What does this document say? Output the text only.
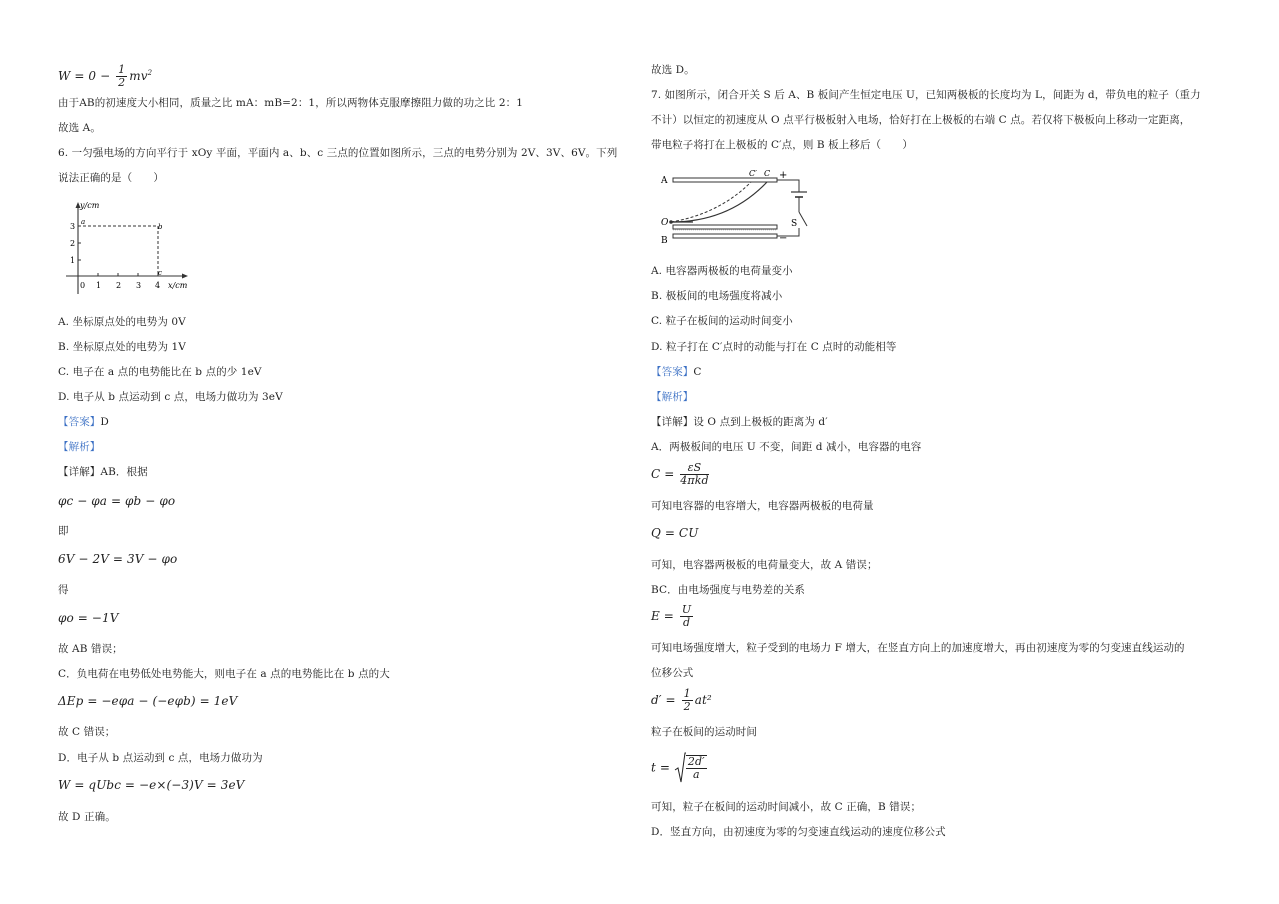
$W = 0 - \frac{1}{2} mv^2$
由于AB的初速度大小相同，质量之比 mA：mB=2：1，所以两物体克服摩擦阻力做的功之比 2：1
故选 A。
6. 一匀强电场的方向平行于 xOy 平面，平面内 a、b、c 三点的位置如图所示，三点的电势分别为 2V、3V、6V。下列
说法正确的是（　　）
y/cm
x/cm
3
2
1
0 1 2 3 4
a
b
c
A. 坐标原点处的电势为 0V
B. 坐标原点处的电势为 1V
C. 电子在 a 点的电势能比在 b 点的少 1eV
D. 电子从 b 点运动到 c 点，电场力做功为 3eV
【答案】D
【解析】
【详解】AB．根据
φc − φa = φb − φo
即
6V − 2V = 3V − φo
得
φo = −1V
故 AB 错误；
C．负电荷在电势低处电势能大，则电子在 a 点的电势能比在 b 点的大
ΔEp = −eφa − (−eφb) = 1eV
故 C 错误；
D．电子从 b 点运动到 c 点，电场力做功为
W = qUbc = −e×(−3)V = 3eV
故 D 正确。
故选 D。
7. 如图所示，闭合开关 S 后 A、B 板间产生恒定电压 U，已知两极板的长度均为 L，间距为 d，带负电的粒子（重力
不计）以恒定的初速度从 O 点平行极板射入电场，恰好打在上极板的右端 C 点。若仅将下极板向上移动一定距离，
带电粒子将打在上极板的 C′点，则 B 板上移后（　　）
A
B
O
C′ C +
−
S
A. 电容器两极板的电荷量变小
B. 极板间的电场强度将减小
C. 粒子在板间的运动时间变小
D. 粒子打在 C′点时的动能与打在 C 点时的动能相等
【答案】C
【解析】
【详解】设 O 点到上极板的距离为 d′
A．两极板间的电压 U 不变，间距 d 减小，电容器的电容
$C = \frac{\varepsilon S}{\text{4πkd}}$
可知电容器的电容增大，电容器两极板的电荷量
Q = CU
可知，电容器两极板的电荷量变大，故 A 错误；
BC．由电场强度与电势差的关系
$E = \frac{U}{d}$
可知电场强度增大，粒子受到的电场力 F 增大，在竖直方向上的加速度增大，再由初速度为零的匀变速直线运动的
位移公式
$d' = \frac{1}{2} at^2$
粒子在板间的运动时间
$t = \frac{2d'}{a}$
可知，粒子在板间的运动时间减小，故 C 正确，B 错误；
D．竖直方向，由初速度为零的匀变速直线运动的速度位移公式
